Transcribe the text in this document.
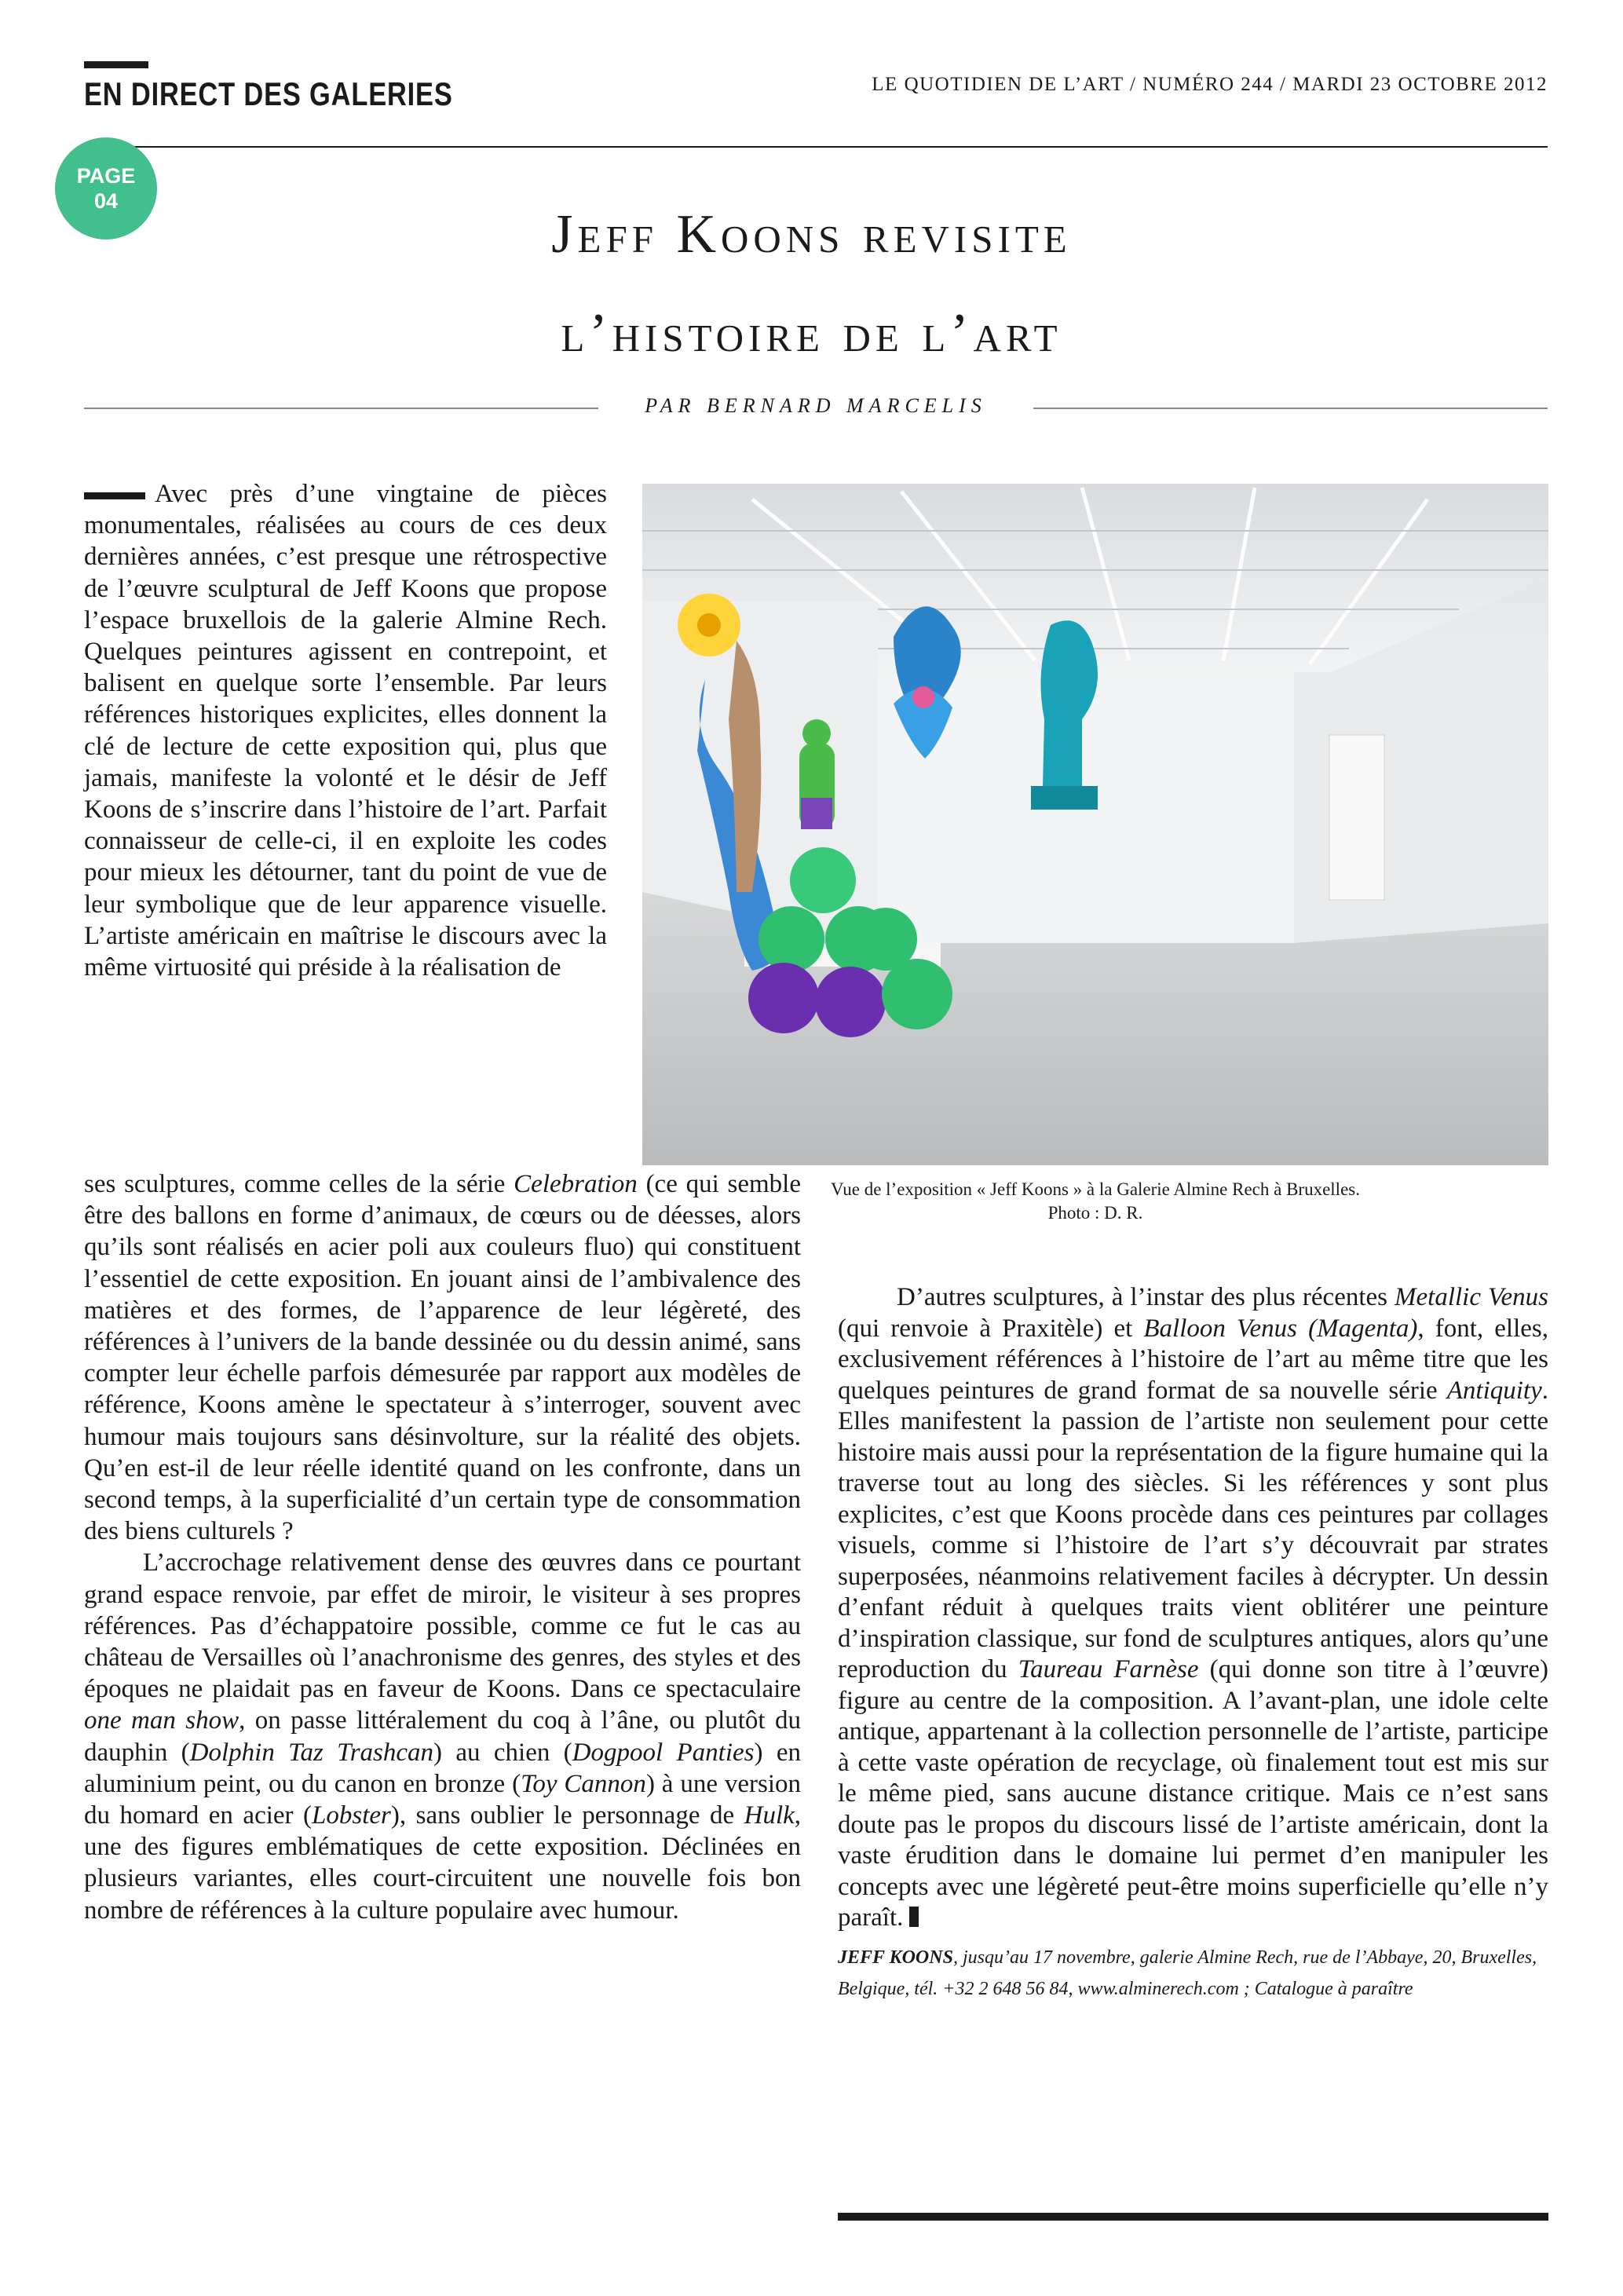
EN DIRECT DES GALERIES	LE QUOTIDIEN DE L’ART / NUMÉRO 244 / MARDI 23 OCTOBRE 2012
PAGE
04
Jeff Koons revisite
l’histoire de l’art
PAR BERNARD MARCELIS

Avec près d’une vingtaine de pièces monumentales, réalisées au cours de ces deux dernières années, c’est presque une rétrospective de l’œuvre sculptural de Jeff Koons que propose l’espace bruxellois de la galerie Almine Rech. Quelques peintures agissent en contrepoint, et balisent en quelque sorte l’ensemble. Par leurs références historiques explicites, elles donnent la clé de lecture de cette exposition qui, plus que jamais, manifeste la volonté et le désir de Jeff Koons de s’inscrire dans l’histoire de l’art. Parfait connaisseur de celle-ci, il en exploite les codes pour mieux les détourner, tant du point de vue de leur symbolique que de leur apparence visuelle. L’artiste américain en maîtrise le discours avec la même virtuosité qui préside à la réalisation de

Vue de l’exposition « Jeff Koons » à la Galerie Almine Rech à Bruxelles.
Photo : D. R.

ses sculptures, comme celles de la série Celebration (ce qui semble être des ballons en forme d’animaux, de cœurs ou de déesses, alors qu’ils sont réalisés en acier poli aux couleurs fluo) qui constituent l’essentiel de cette exposition. En jouant ainsi de l’ambivalence des matières et des formes, de l’apparence de leur légèreté, des références à l’univers de la bande dessinée ou du dessin animé, sans compter leur échelle parfois démesurée par rapport aux modèles de référence, Koons amène le spectateur à s’interroger, souvent avec humour mais toujours sans désinvolture, sur la réalité des objets. Qu’en est-il de leur réelle identité quand on les confronte, dans un second temps, à la superficialité d’un certain type de consommation des biens culturels ?

L’accrochage relativement dense des œuvres dans ce pourtant grand espace renvoie, par effet de miroir, le visiteur à ses propres références. Pas d’échappatoire possible, comme ce fut le cas au château de Versailles où l’anachronisme des genres, des styles et des époques ne plaidait pas en faveur de Koons. Dans ce spectaculaire one man show, on passe littéralement du coq à l’âne, ou plutôt du dauphin (Dolphin Taz Trashcan) au chien (Dogpool Panties) en aluminium peint, ou du canon en bronze (Toy Cannon) à une version du homard en acier (Lobster), sans oublier le personnage de Hulk, une des figures emblématiques de cette exposition. Déclinées en plusieurs variantes, elles court-circuitent une nouvelle fois bon nombre de références à la culture populaire avec humour.

D’autres sculptures, à l’instar des plus récentes Metallic Venus (qui renvoie à Praxitèle) et Balloon Venus (Magenta), font, elles, exclusivement références à l’histoire de l’art au même titre que les quelques peintures de grand format de sa nouvelle série Antiquity. Elles manifestent la passion de l’artiste non seulement pour cette histoire mais aussi pour la représentation de la figure humaine qui la traverse tout au long des siècles. Si les références y sont plus explicites, c’est que Koons procède dans ces peintures par collages visuels, comme si l’histoire de l’art s’y découvrait par strates superposées, néanmoins relativement faciles à décrypter. Un dessin d’enfant réduit à quelques traits vient oblitérer une peinture d’inspiration classique, sur fond de sculptures antiques, alors qu’une reproduction du Taureau Farnèse (qui donne son titre à l’œuvre) figure au centre de la composition. A l’avant-plan, une idole celte antique, appartenant à la collection personnelle de l’artiste, participe à cette vaste opération de recyclage, où finalement tout est mis sur le même pied, sans aucune distance critique. Mais ce n’est sans doute pas le propos du discours lissé de l’artiste américain, dont la vaste érudition dans le domaine lui permet d’en manipuler les concepts avec une légèreté peut-être moins superficielle qu’elle n’y paraît.

JEFF KOONS, jusqu’au 17 novembre, galerie Almine Rech, rue de l’Abbaye, 20, Bruxelles, Belgique, tél. +32 2 648 56 84, www.alminerech.com ; Catalogue à paraître
